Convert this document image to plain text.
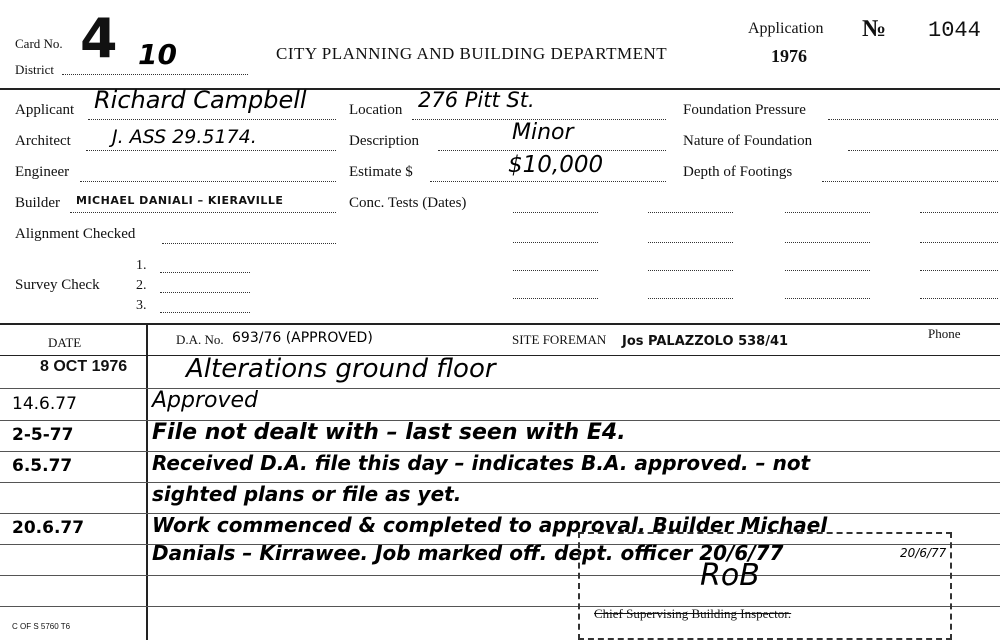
Card No. 4 10
District
CITY PLANNING AND BUILDING DEPARTMENT
Application
1976
№ 1044
Applicant Richard Campbell
Architect J. ASS 29.5174.
Engineer
Builder MICHAEL DANIALI – KIERAVILLE
Alignment Checked
Survey Check
1.
2.
3.
Location 276 Pitt St.
Description	Minor
Estimate $	$10,000
Conc. Tests (Dates)
Foundation Pressure
Nature of Foundation
Depth of Footings
DATE	D.A. No. 693/76 (APPROVED)	SITE FOREMAN Jos PALAZZOLO 538/41
Phone
8 OCT 1976 Alterations ground floor
14.6.77	Approved
2-5-77	File not dealt with – last seen with E4.
6.5.77	Received D.A. file this day – indicates B.A. approved. – not
sighted plans or file as yet.
20.6.77	Work commenced & completed to approval. Builder Michael
Danials – Kirrawee. Job marked off. dept. officer 20/6/77	20/6/77
RoB
Chief Supervising Building Inspector.
C OF S 5760 T6
